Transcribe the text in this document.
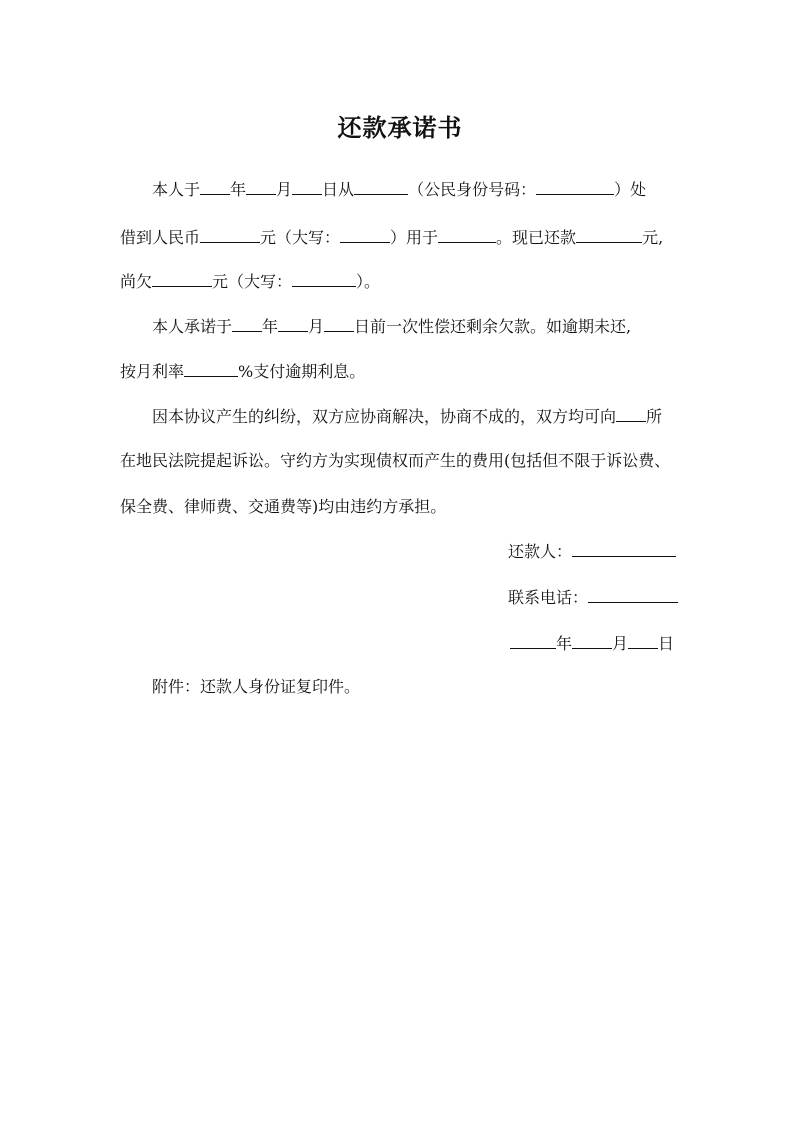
还款承诺书
本人于 年 月 日从	（公民身份号码：	）处
借到人民币	元（大写：	）用于	。现已还款	元,
尚欠	元（大写：	）。
本人承诺于 年 月 日前一次性偿还剩余欠款。如逾期未还,
按月利率	%支付逾期利息。
因本协议产生的纠纷，双方应协商解决，协商不成的，双方均可向 所
在地民法院提起诉讼。守约方为实现债权而产生的费用(包括但不限于诉讼费、
保全费、律师费、交通费等)均由违约方承担。
还款人：
联系电话：
年	月 日
附件：还款人身份证复印件。
